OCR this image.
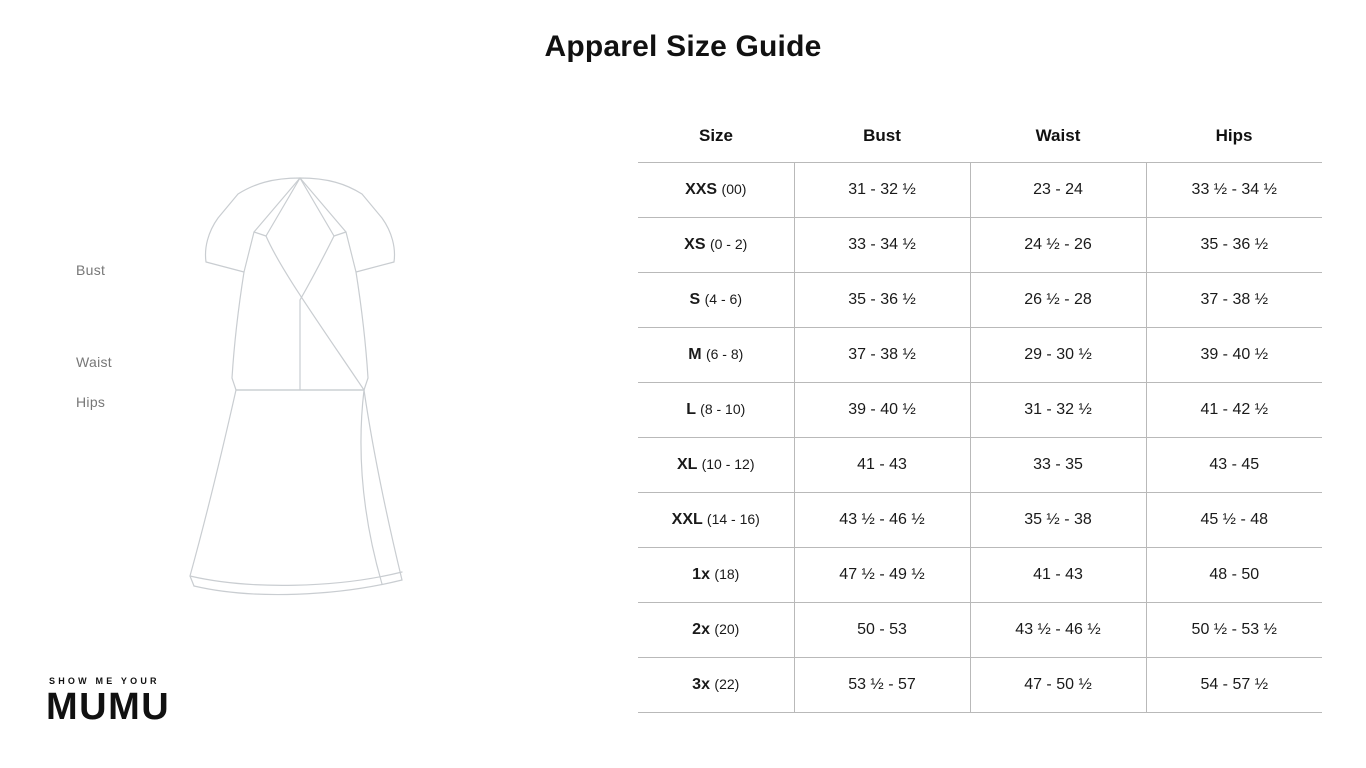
Apparel Size Guide
Bust
Waist
Hips
SHOW ME YOUR
MUMU
Size	Bust	Waist	Hips
XXS (00)	31 - 32 ½	23 - 24	33 ½ - 34 ½
XS (0 - 2)	33 - 34 ½	24 ½ - 26	35 - 36 ½
S (4 - 6)	35 - 36 ½	26 ½ - 28	37 - 38 ½
M (6 - 8)	37 - 38 ½	29 - 30 ½	39 - 40 ½
L (8 - 10)	39 - 40 ½	31 - 32 ½	41 - 42 ½
XL (10 - 12)	41 - 43	33 - 35	43 - 45
XXL (14 - 16)	43 ½ - 46 ½	35 ½ - 38	45 ½ - 48
1x (18)	47 ½ - 49 ½	41 - 43	48 - 50
2x (20)	50 - 53	43 ½ - 46 ½	50 ½ - 53 ½
3x (22)	53 ½ - 57	47 - 50 ½	54 - 57 ½
